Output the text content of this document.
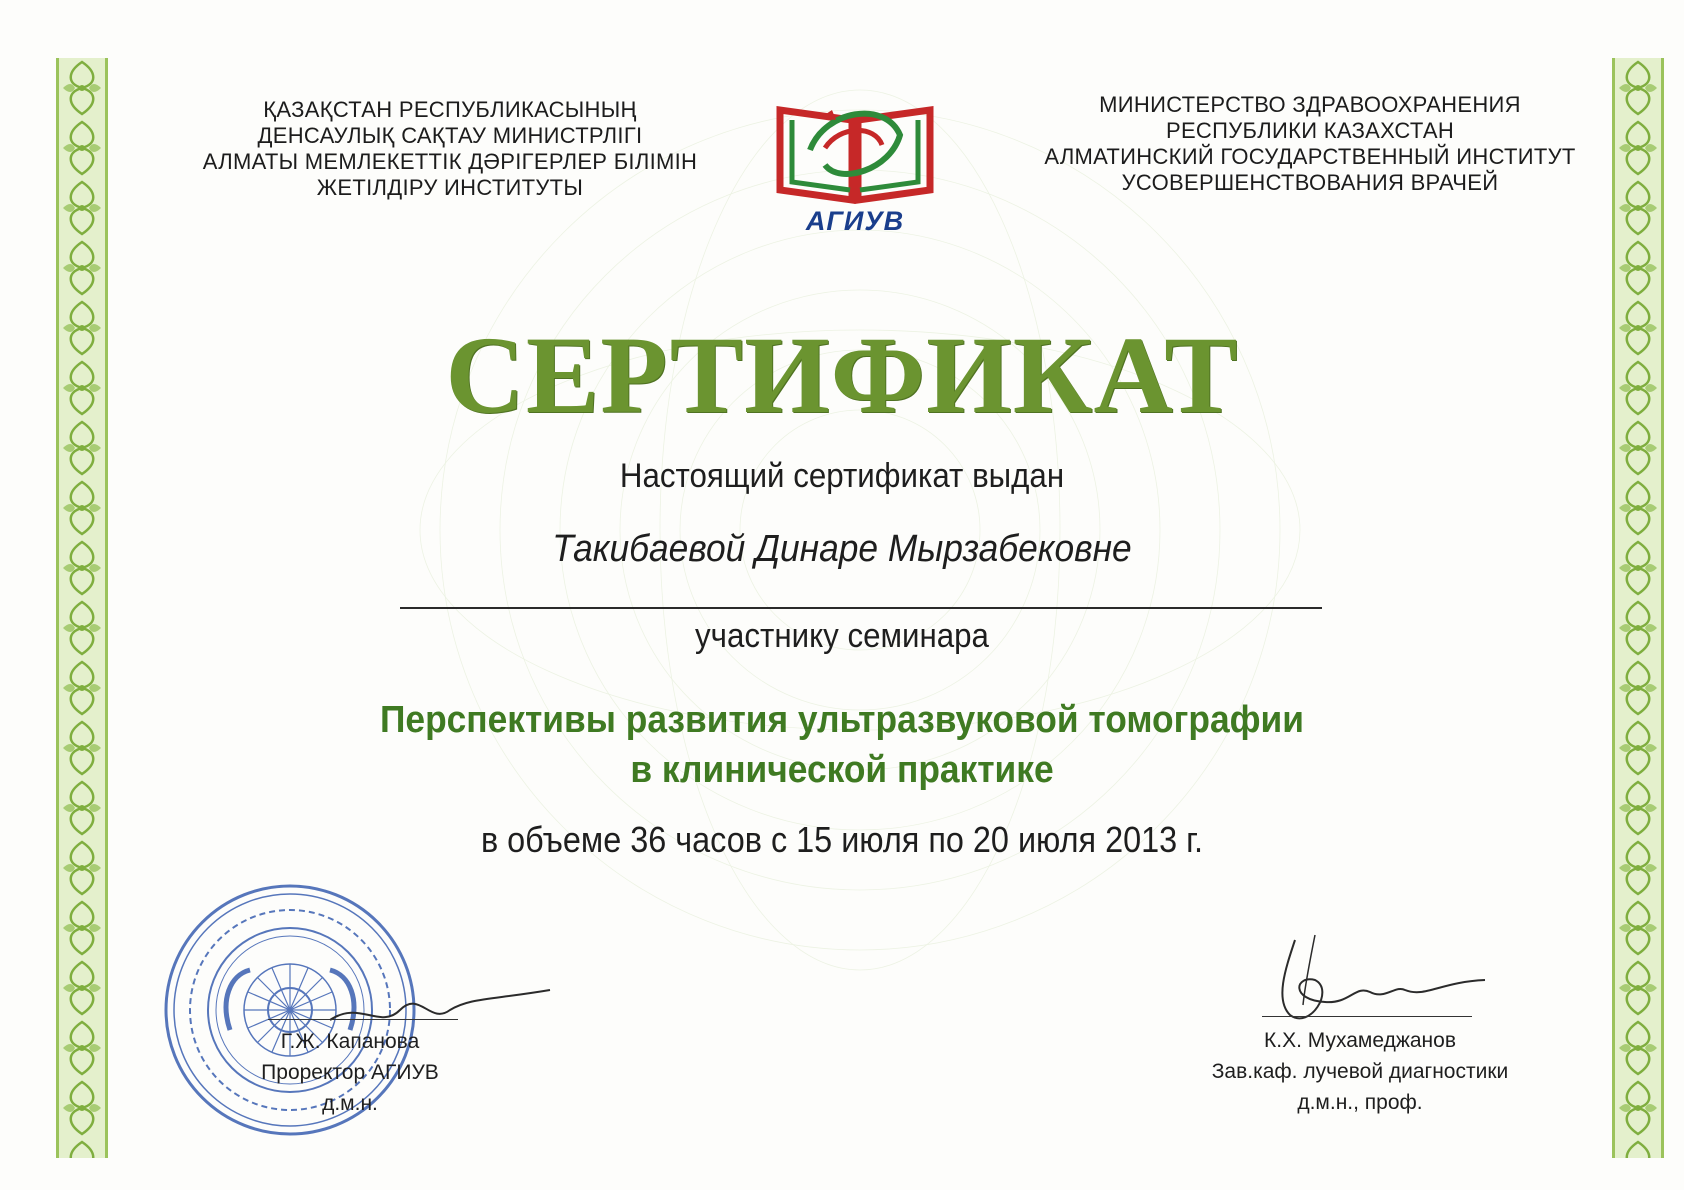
ҚАЗАҚСТАН РЕСПУБЛИКАСЫНЫҢ
ДЕНСАУЛЫҚ САҚТАУ МИНИСТРЛІГІ
АЛМАТЫ МЕМЛЕКЕТТІК ДӘРІГЕРЛЕР БІЛІМІН
ЖЕТІЛДІРУ ИНСТИТУТЫ
АГИУВ
МИНИСТЕРСТВО ЗДРАВООХРАНЕНИЯ
РЕСПУБЛИКИ КАЗАХСТАН
АЛМАТИНСКИЙ ГОСУДАРСТВЕННЫЙ ИНСТИТУТ
УСОВЕРШЕНСТВОВАНИЯ ВРАЧЕЙ
СЕРТИФИКАТ
Настоящий сертификат выдан
Такибаевой Динаре Мырзабековне
участнику семинара
Перспективы развития ультразвуковой томографии
в клинической практике
в объеме 36 часов с 15 июля по 20 июля 2013 г.
Г.Ж. Капанова
Проректор АГИУВ
д.м.н.
К.Х. Мухамеджанов
Зав.каф. лучевой диагностики
д.м.н., проф.
